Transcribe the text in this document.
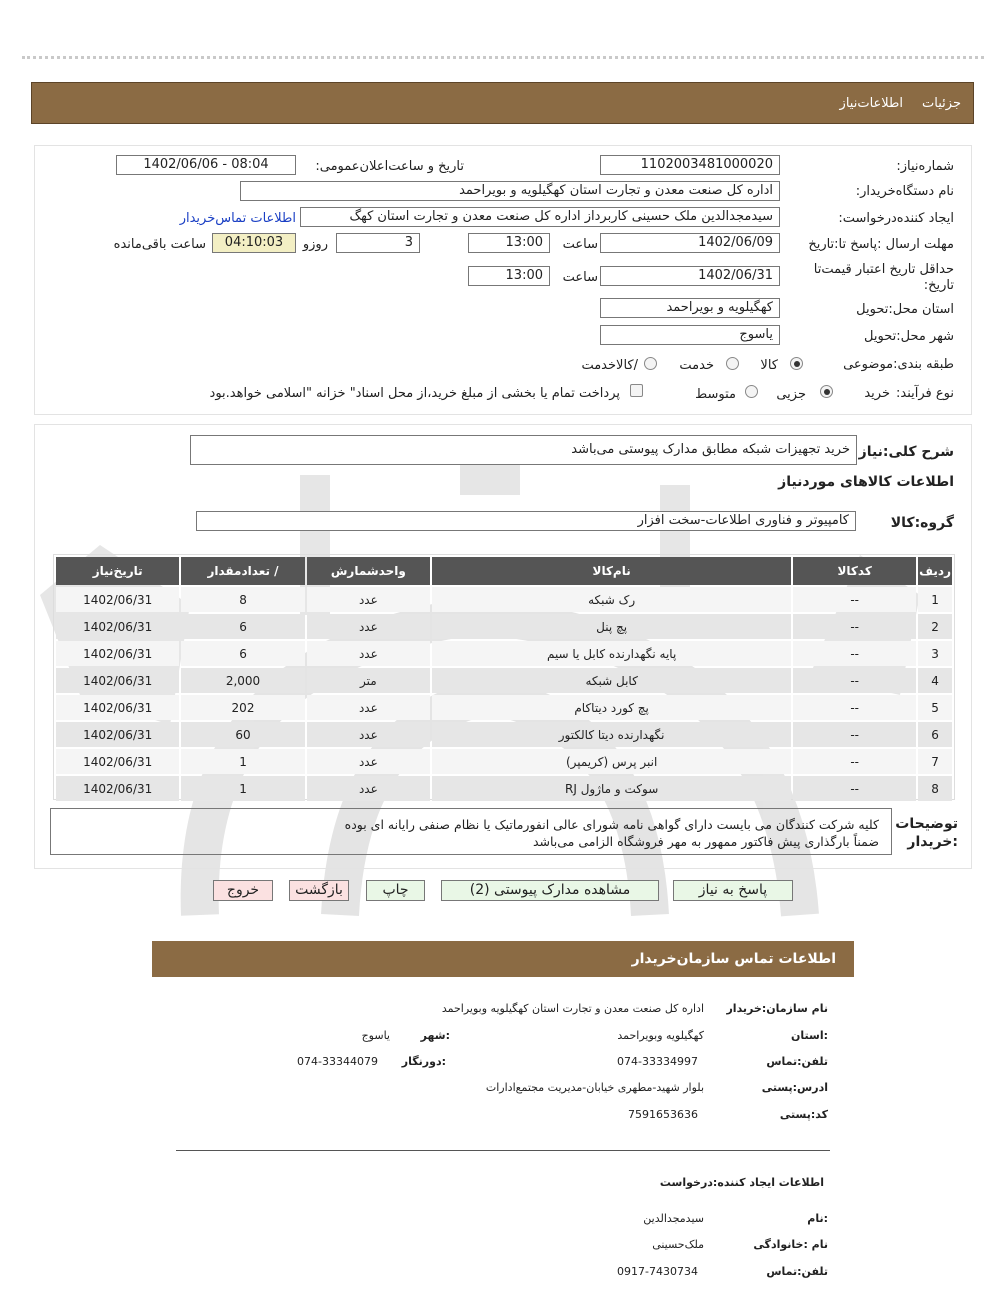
جزئیات
اطلاعات‌نیاز
شماره‌نیاز:
1102003481000020
تاریخ و ساعت‌اعلان‌عمومی:
1402/06/06 - 08:04
نام دستگاه‌خریدار:
اداره کل صنعت معدن و تجارت استان کهگیلویه و بویراحمد
ایجاد کننده‌درخواست:
سیدمجدالدین ملک حسینی کاربرداز اداره کل صنعت معدن و تجارت استان کهگ
اطلاعات تماس‌خریدار
مهلت ارسال :پاسخ تا:تاریخ
1402/06/09
ساعت
13:00
3
روزو
04:10:03
ساعت باقی‌مانده
حداقل تاریخ اعتبار قیمت‌تا تاریخ:
1402/06/31
ساعت
13:00
استان محل:تحویل
کهگیلویه و بویراحمد
شهر محل:تحویل
یاسوج
طبقه بندی:موضوعی
کالا
خدمت
/کالاخدمت
نوع فرآیند:
خرید
جزیی
متوسط
پرداخت تمام یا بخشی از مبلغ خرید،از محل اسناد" خزانه "اسلامی خواهد.بود
شرح کلی:نیاز
خرید تجهیزات شبکه مطابق مدارک پیوستی می‌باشد
اطلاعات کالاهای موردنیاز
گروه:کالا
کامپیوتر و فناوری اطلاعات-سخت افزار
ردیف	کدکالا	نام‌کالا	واحدشمارش	/ تعدادمقدار	تاریخ‌نیاز
1	--	رک شبکه	عدد	8	1402/06/31
2	--	پچ پنل	عدد	6	1402/06/31
3	--	پایه نگهدارنده کابل یا سیم	عدد	6	1402/06/31
4	--	کابل شبکه	متر	2,000	1402/06/31
5	--	پچ کورد دیتاکام	عدد	202	1402/06/31
6	--	نگهدارنده دیتا کالکتور	عدد	60	1402/06/31
7	--	انبر پرس (کریمپر)	عدد	1	1402/06/31
8	--	سوکت و ماژول RJ	عدد	1	1402/06/31
توضیحات :خریدار
کلیه شرکت کنندگان می بایست دارای گواهی نامه شورای عالی انفورماتیک یا نظام صنفی رایانه ای بوده
ضمناً بارگذاری پیش فاکتور ممهور به مهر فروشگاه الزامی می‌باشد
پاسخ به نیاز
مشاهده مدارک پیوستی (2)
چاپ
بازگشت
خروج
اطلاعات تماس سازمان‌خریدار
نام سازمان:خریدار
اداره کل صنعت معدن و تجارت استان کهگیلویه وبویراحمد
:استان
کهگیلویه وبویراحمد
:شهر
یاسوج
تلفن:تماس
074-33334997
:دورنگار
074-33344079
ادرس:پستی
بلوار شهید-مطهری خیابان-مدیریت مجتمع‌ادارات
کد:پستی
7591653636
اطلاعات ایجاد کننده:درخواست
:نام
سیدمجدالدین
نام :خانوادگی
ملک‌حسینی
تلفن:تماس
0917-7430734
